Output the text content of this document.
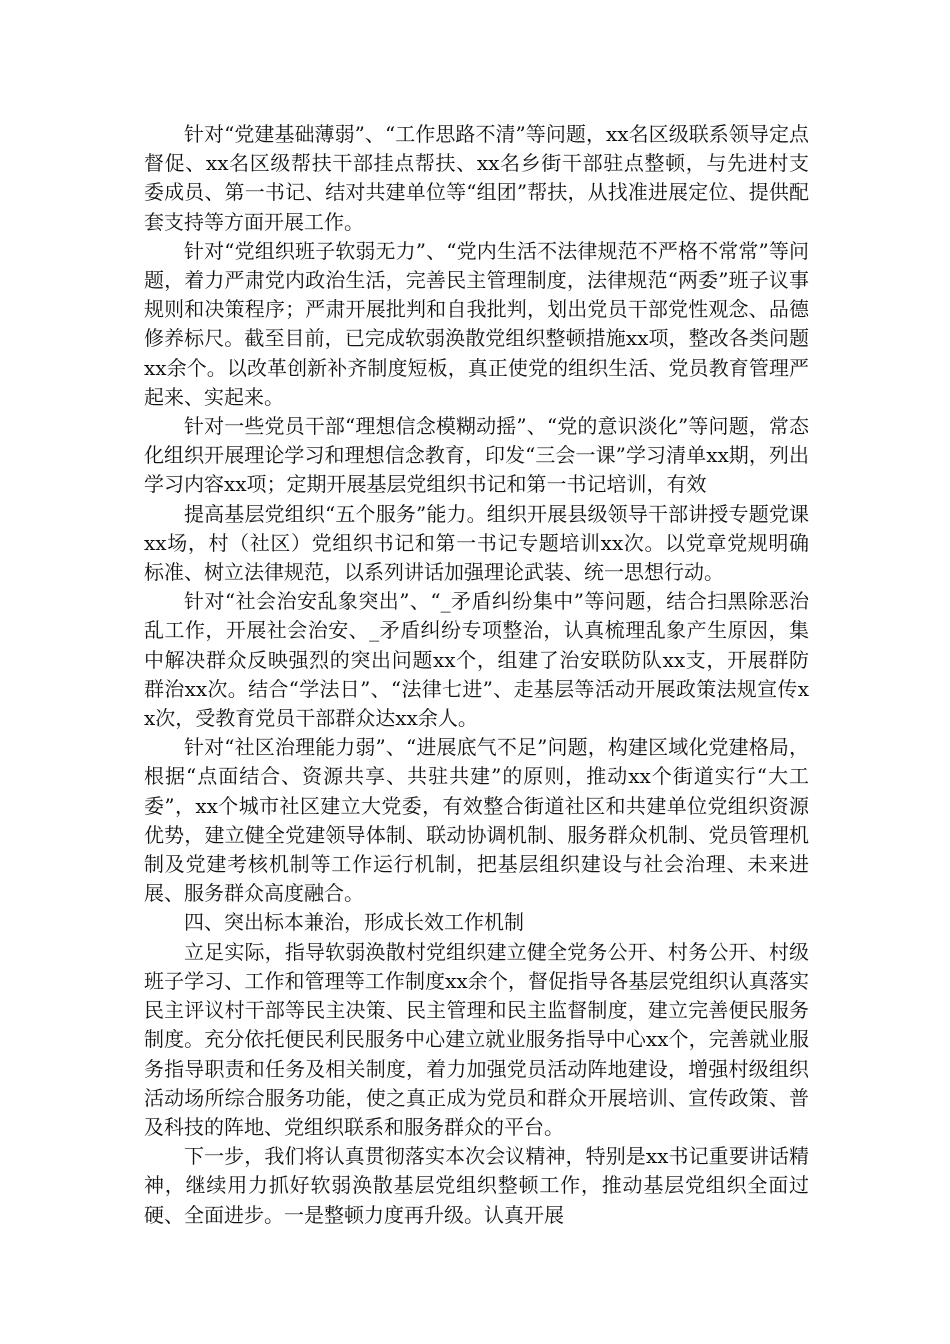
针对“党建基础薄弱”、“工作思路不清”等问题，xx名区级联系领导定点督促、xx名区级帮扶干部挂点帮扶、xx名乡街干部驻点整顿，与先进村支委成员、第一书记、结对共建单位等“组团”帮扶，从找准进展定位、提供配套支持等方面开展工作。

针对“党组织班子软弱无力”、“党内生活不法律规范不严格不常常”等问题，着力严肃党内政治生活，完善民主管理制度，法律规范“两委”班子议事规则和决策程序；严肃开展批判和自我批判，划出党员干部党性观念、品德修养标尺。截至目前，已完成软弱涣散党组织整顿措施xx项，整改各类问题xx余个。以改革创新补齐制度短板，真正使党的组织生活、党员教育管理严起来、实起来。

针对一些党员干部“理想信念模糊动摇”、“党的意识淡化”等问题，常态化组织开展理论学习和理想信念教育，印发“三会一课”学习清单xx期，列出学习内容xx项；定期开展基层党组织书记和第一书记培训，有效

提高基层党组织“五个服务”能力。组织开展县级领导干部讲授专题党课xx场，村（社区）党组织书记和第一书记专题培训xx次。以党章党规明确标准、树立法律规范，以系列讲话加强理论武装、统一思想行动。

针对“社会治安乱象突出”、“_矛盾纠纷集中”等问题，结合扫黑除恶治乱工作，开展社会治安、_矛盾纠纷专项整治，认真梳理乱象产生原因，集中解决群众反映强烈的突出问题xx个，组建了治安联防队xx支，开展群防群治xx次。结合“学法日”、“法律七进”、走基层等活动开展政策法规宣传xx次，受教育党员干部群众达xx余人。

针对“社区治理能力弱”、“进展底气不足”问题，构建区域化党建格局，根据“点面结合、资源共享、共驻共建”的原则，推动xx个街道实行“大工委”，xx个城市社区建立大党委，有效整合街道社区和共建单位党组织资源优势，建立健全党建领导体制、联动协调机制、服务群众机制、党员管理机制及党建考核机制等工作运行机制，把基层组织建设与社会治理、未来进展、服务群众高度融合。

四、突出标本兼治，形成长效工作机制

立足实际，指导软弱涣散村党组织建立健全党务公开、村务公开、村级班子学习、工作和管理等工作制度xx余个，督促指导各基层党组织认真落实民主评议村干部等民主决策、民主管理和民主监督制度，建立完善便民服务制度。充分依托便民利民服务中心建立就业服务指导中心xx个，完善就业服务指导职责和任务及相关制度，着力加强党员活动阵地建设，增强村级组织活动场所综合服务功能，使之真正成为党员和群众开展培训、宣传政策、普及科技的阵地、党组织联系和服务群众的平台。

下一步，我们将认真贯彻落实本次会议精神，特别是xx书记重要讲话精神，继续用力抓好软弱涣散基层党组织整顿工作，推动基层党组织全面过硬、全面进步。一是整顿力度再升级。认真开展
